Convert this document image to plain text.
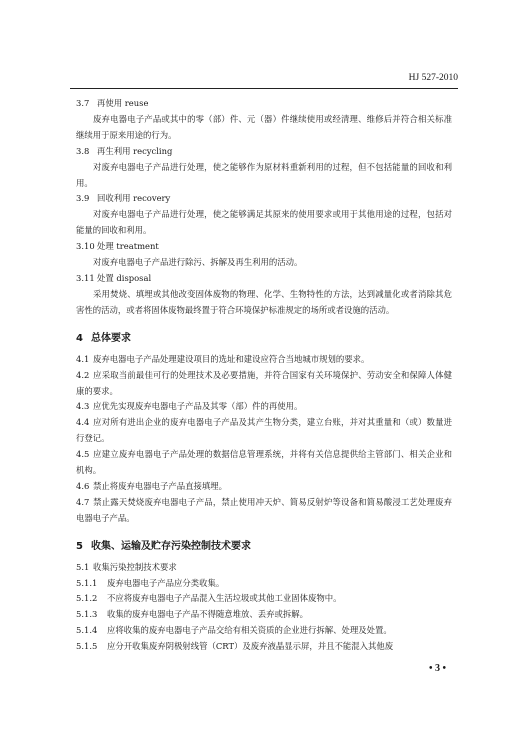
HJ 527-2010

3.7 再使用 reuse

废弃电器电子产品或其中的零（部）件、元（器）件继续使用或经清理、维修后并符合相关标准继续用于原来用途的行为。

3.8 再生利用 recycling

对废弃电器电子产品进行处理，使之能够作为原材料重新利用的过程，但不包括能量的回收和利用。

3.9 回收利用 recovery

对废弃电器电子产品进行处理，使之能够满足其原来的使用要求或用于其他用途的过程，包括对能量的回收和利用。

3.10 处理 treatment

对废弃电器电子产品进行除污、拆解及再生利用的活动。

3.11 处置 disposal

采用焚烧、填埋或其他改变固体废物的物理、化学、生物特性的方法，达到减量化或者消除其危害性的活动，或者将固体废物最终置于符合环境保护标准规定的场所或者设施的活动。

4 总体要求

4.1 废弃电器电子产品处理建设项目的选址和建设应符合当地城市规划的要求。

4.2 应采取当前最佳可行的处理技术及必要措施，并符合国家有关环境保护、劳动安全和保障人体健康的要求。

4.3 应优先实现废弃电器电子产品及其零（部）件的再使用。

4.4 应对所有进出企业的废弃电器电子产品及其产生物分类，建立台账，并对其重量和（或）数量进行登记。

4.5 应建立废弃电器电子产品处理的数据信息管理系统，并将有关信息提供给主管部门、相关企业和机构。

4.6 禁止将废弃电器电子产品直接填埋。

4.7 禁止露天焚烧废弃电器电子产品，禁止使用冲天炉、简易反射炉等设备和简易酸浸工艺处理废弃电器电子产品。

5 收集、运输及贮存污染控制技术要求

5.1 收集污染控制技术要求

5.1.1 废弃电器电子产品应分类收集。

5.1.2 不应将废弃电器电子产品混入生活垃圾或其他工业固体废物中。

5.1.3 收集的废弃电器电子产品不得随意堆放、丢弃或拆解。

5.1.4 应将收集的废弃电器电子产品交给有相关资质的企业进行拆解、处理及处置。

5.1.5 应分开收集废弃阴极射线管（CRT）及废弃液晶显示屏，并且不能混入其他废

• 3 •
